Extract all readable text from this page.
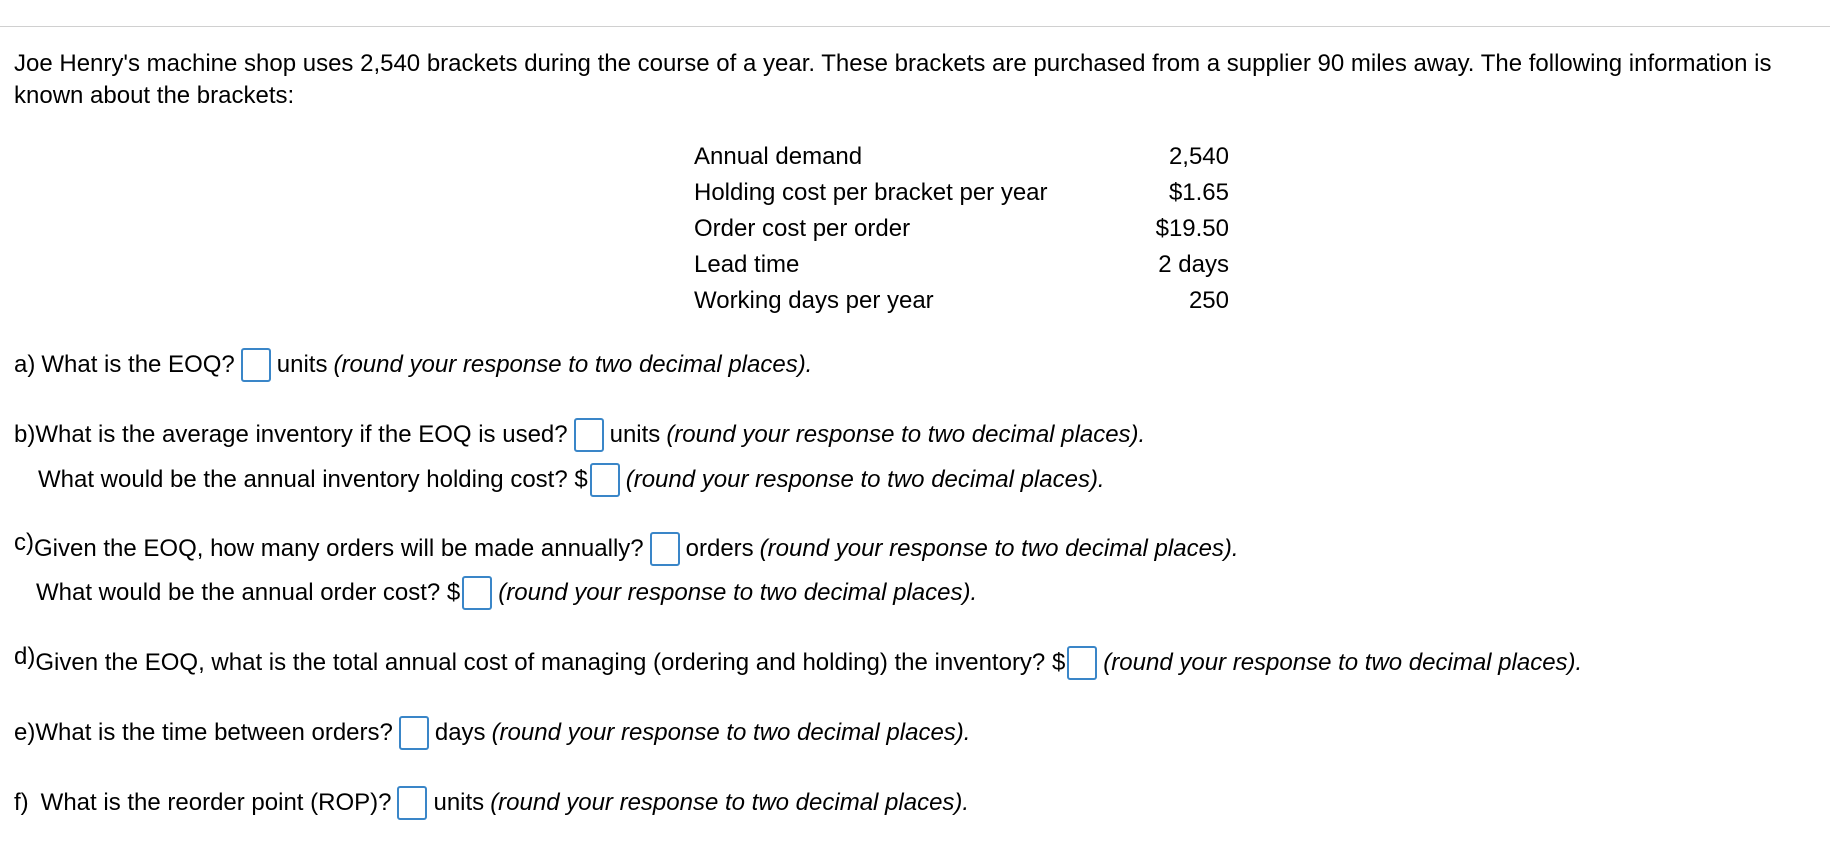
Joe Henry's machine shop uses 2,540 brackets during the course of a year. These brackets are purchased from a supplier 90 miles away. The following information is known about the brackets:

Annual demand	2,540
Holding cost per bracket per year	$1.65
Order cost per order	$19.50
Lead time	2 days
Working days per year	250
a) What is the EOQ? units (round your response to two decimal places).
b) What is the average inventory if the EOQ is used? units (round your response to two decimal places).
What would be the annual inventory holding cost? $ (round your response to two decimal places).
c) Given the EOQ, how many orders will be made annually? orders (round your response to two decimal places).
What would be the annual order cost? $ (round your response to two decimal places).
d) Given the EOQ, what is the total annual cost of managing (ordering and holding) the inventory? $ (round your response to two decimal places).
e) What is the time between orders? days (round your response to two decimal places).
f) What is the reorder point (ROP)? units (round your response to two decimal places).
